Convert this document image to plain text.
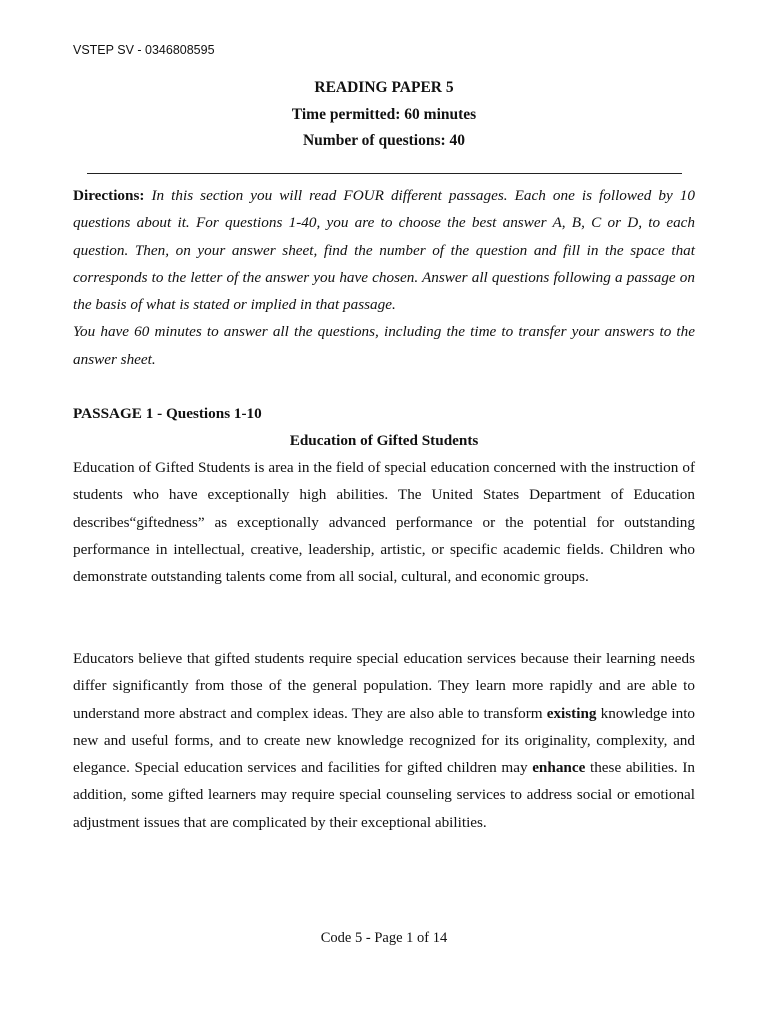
VSTEP SV - 0346808595
READING PAPER 5
Time permitted: 60 minutes
Number of questions: 40

Directions: In this section you will read FOUR different passages. Each one is followed by 10 questions about it. For questions 1-40, you are to choose the best answer A, B, C or D, to each question. Then, on your answer sheet, find the number of the question and fill in the space that corresponds to the letter of the answer you have chosen. Answer all questions following a passage on the basis of what is stated or implied in that passage.

You have 60 minutes to answer all the questions, including the time to transfer your answers to the answer sheet.

PASSAGE 1 - Questions 1-10
Education of Gifted Students

Education of Gifted Students is area in the field of special education concerned with the instruction of students who have exceptionally high abilities. The United States Department of Education describes“giftedness” as exceptionally advanced performance or the potential for outstanding performance in intellectual, creative, leadership, artistic, or specific academic fields. Children who demonstrate outstanding talents come from all social, cultural, and economic groups.

Educators believe that gifted students require special education services because their learning needs differ significantly from those of the general population. They learn more rapidly and are able to understand more abstract and complex ideas. They are also able to transform existing knowledge into new and useful forms, and to create new knowledge recognized for its originality, complexity, and elegance. Special education services and facilities for gifted children may enhance these abilities. In addition, some gifted learners may require special counseling services to address social or emotional adjustment issues that are complicated by their exceptional abilities.

Code 5 - Page 1 of 14
